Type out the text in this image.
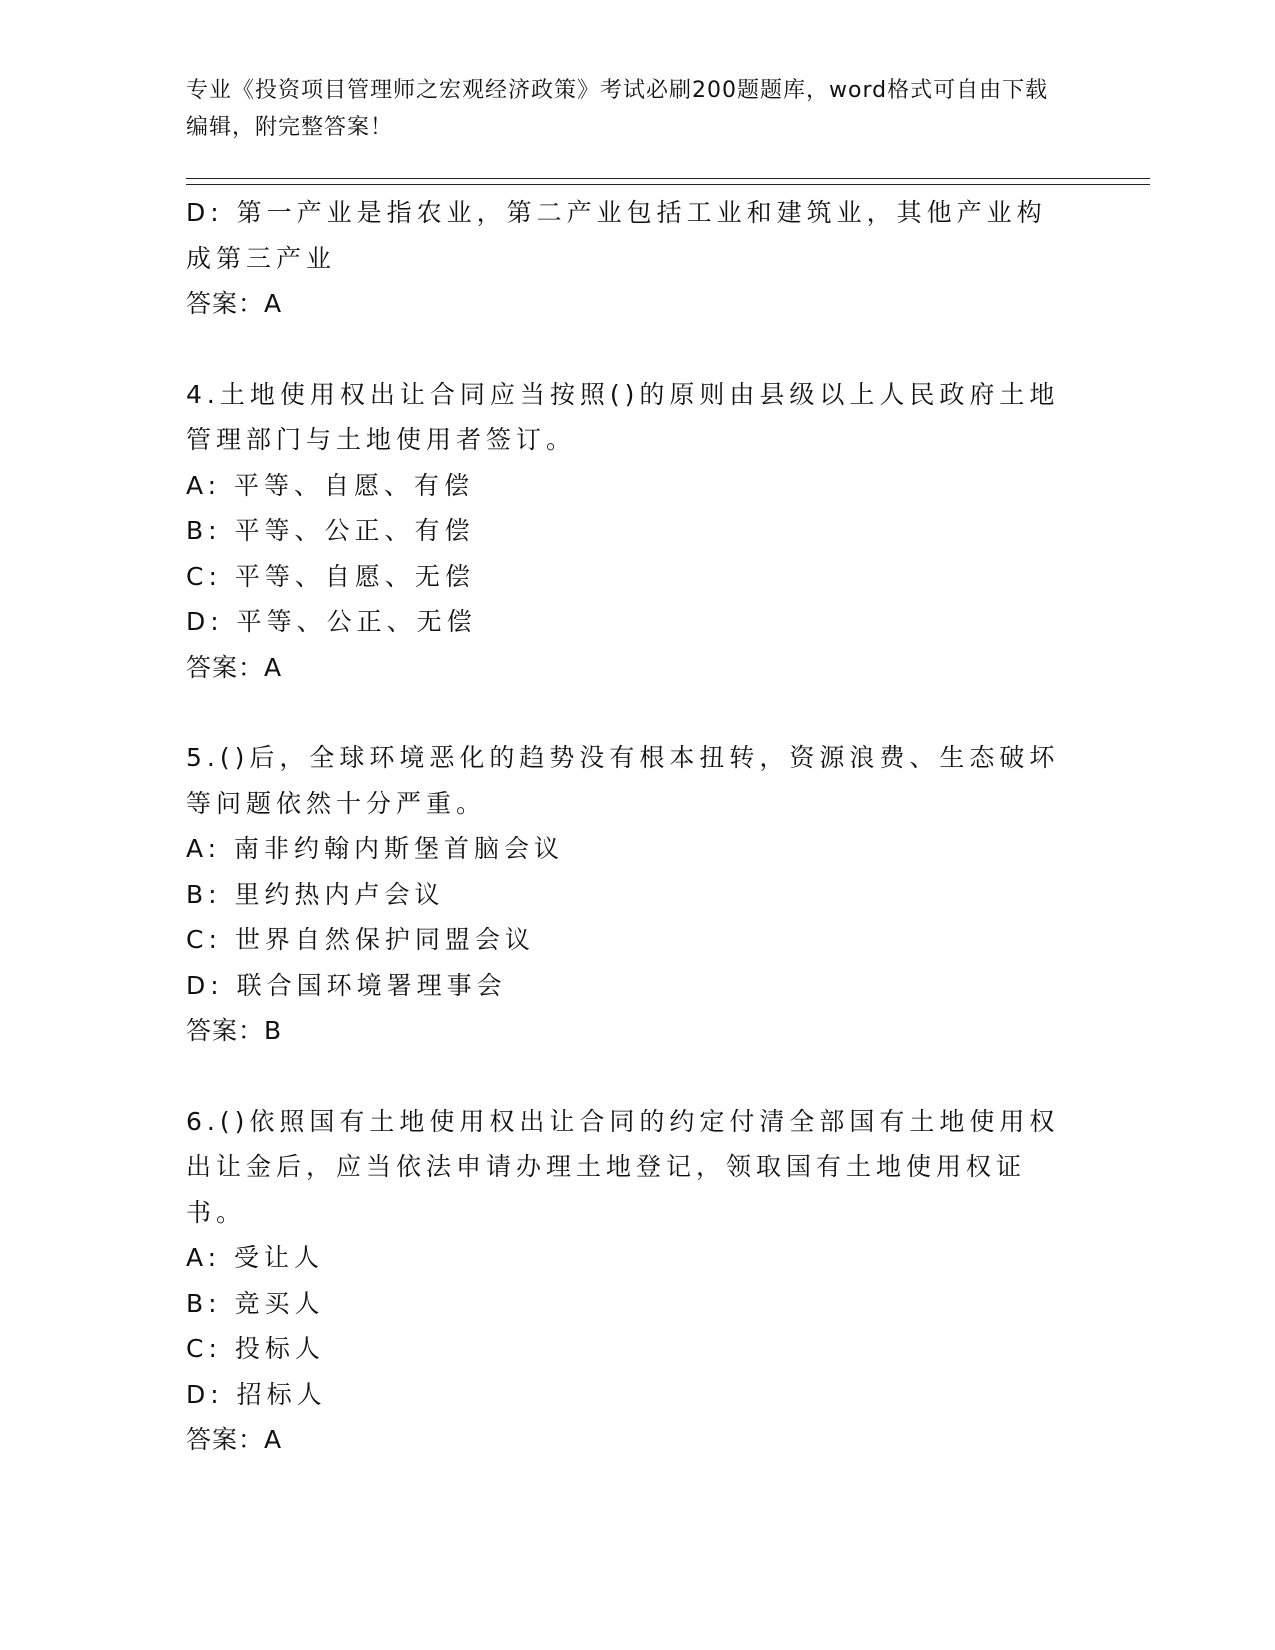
专业《投资项目管理师之宏观经济政策》考试必刷200题题库，word格式可自由下载编辑，附完整答案！
D: 第一产业是指农业，第二产业包括工业和建筑业，其他产业构成第三产业
答案：A
4.土地使用权出让合同应当按照()的原则由县级以上人民政府土地管理部门与土地使用者签订。
A: 平等、自愿、有偿
B: 平等、公正、有偿
C: 平等、自愿、无偿
D: 平等、公正、无偿
答案：A
5.()后，全球环境恶化的趋势没有根本扭转，资源浪费、生态破坏等问题依然十分严重。
A: 南非约翰内斯堡首脑会议
B: 里约热内卢会议
C: 世界自然保护同盟会议
D: 联合国环境署理事会
答案：B
6.()依照国有土地使用权出让合同的约定付清全部国有土地使用权出让金后，应当依法申请办理土地登记，领取国有土地使用权证书。
A: 受让人
B: 竞买人
C: 投标人
D: 招标人
答案：A
